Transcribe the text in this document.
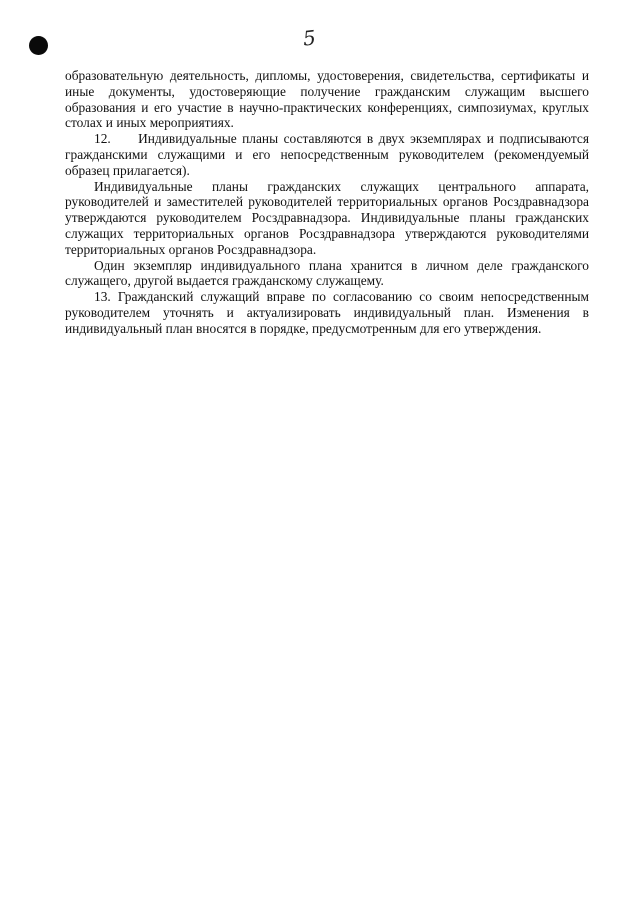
5

образовательную деятельность, дипломы, удостоверения, свидетельства, сертификаты и иные документы, удостоверяющие получение гражданским служащим высшего образования и его участие в научно-практических конференциях, симпозиумах, круглых столах и иных мероприятиях.

12.     Индивидуальные планы составляются в двух экземплярах и подписываются гражданскими служащими и его непосредственным руководителем (рекомендуемый образец прилагается).

Индивидуальные планы гражданских служащих центрального аппарата, руководителей и заместителей руководителей территориальных органов Росздравнадзора утверждаются руководителем Росздравнадзора. Индивидуальные планы гражданских служащих территориальных органов Росздравнадзора утверждаются руководителями территориальных органов Росздравнадзора.

Один экземпляр индивидуального плана хранится в личном деле гражданского служащего, другой выдается гражданскому служащему.

13. Гражданский служащий вправе по согласованию со своим непосредственным руководителем уточнять и актуализировать индивидуальный план. Изменения в индивидуальный план вносятся в порядке, предусмотренным для его утверждения.
